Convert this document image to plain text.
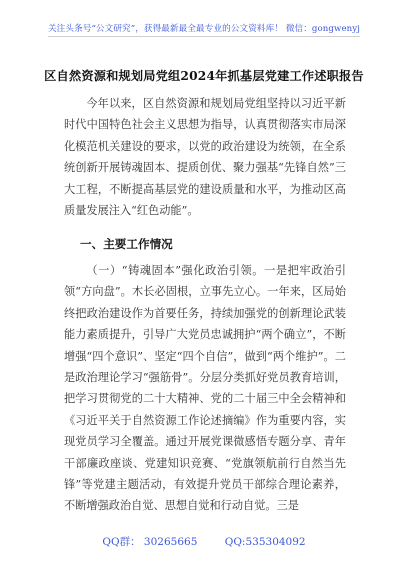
关注头条号“公文研究”，获得最新最全最专业的公文资料库！ 微信：gongwenyj
区自然资源和规划局党组2024年抓基层党建工作述职报告

今年以来，区自然资源和规划局党组坚持以习近平新时代中国特色社会主义思想为指导，认真贯彻落实市局深化模范机关建设的要求，以党的政治建设为统领，在全系统创新开展铸魂固本、提质创优、聚力强基“先锋自然”三大工程，不断提高基层党的建设质量和水平，为推动区高质量发展注入“红色动能”。

一、主要工作情况

（一）“铸魂固本”强化政治引领。一是把牢政治引领“方向盘”。木长必固根，立事先立心。一年来，区局始终把政治建设作为首要任务，持续加强党的创新理论武装能力素质提升，引导广大党员忠诚拥护“两个确立”，不断增强“四个意识”、坚定“四个自信”，做到“两个维护”。二是政治理论学习“强筋骨”。分层分类抓好党员教育培训，把学习贯彻党的二十大精神、党的二十届三中全会精神和《习近平关于自然资源工作论述摘编》作为重要内容，实现党员学习全覆盖。通过开展党课微感悟专题分享、青年干部廉政座谈、党建知识竞赛、“党旗领航前行自然当先锋”等党建主题活动，有效提升党员干部综合理论素养，不断增强政治自觉、思想自觉和行动自觉。三是

QQ群： 30265665	QQ:535304092
